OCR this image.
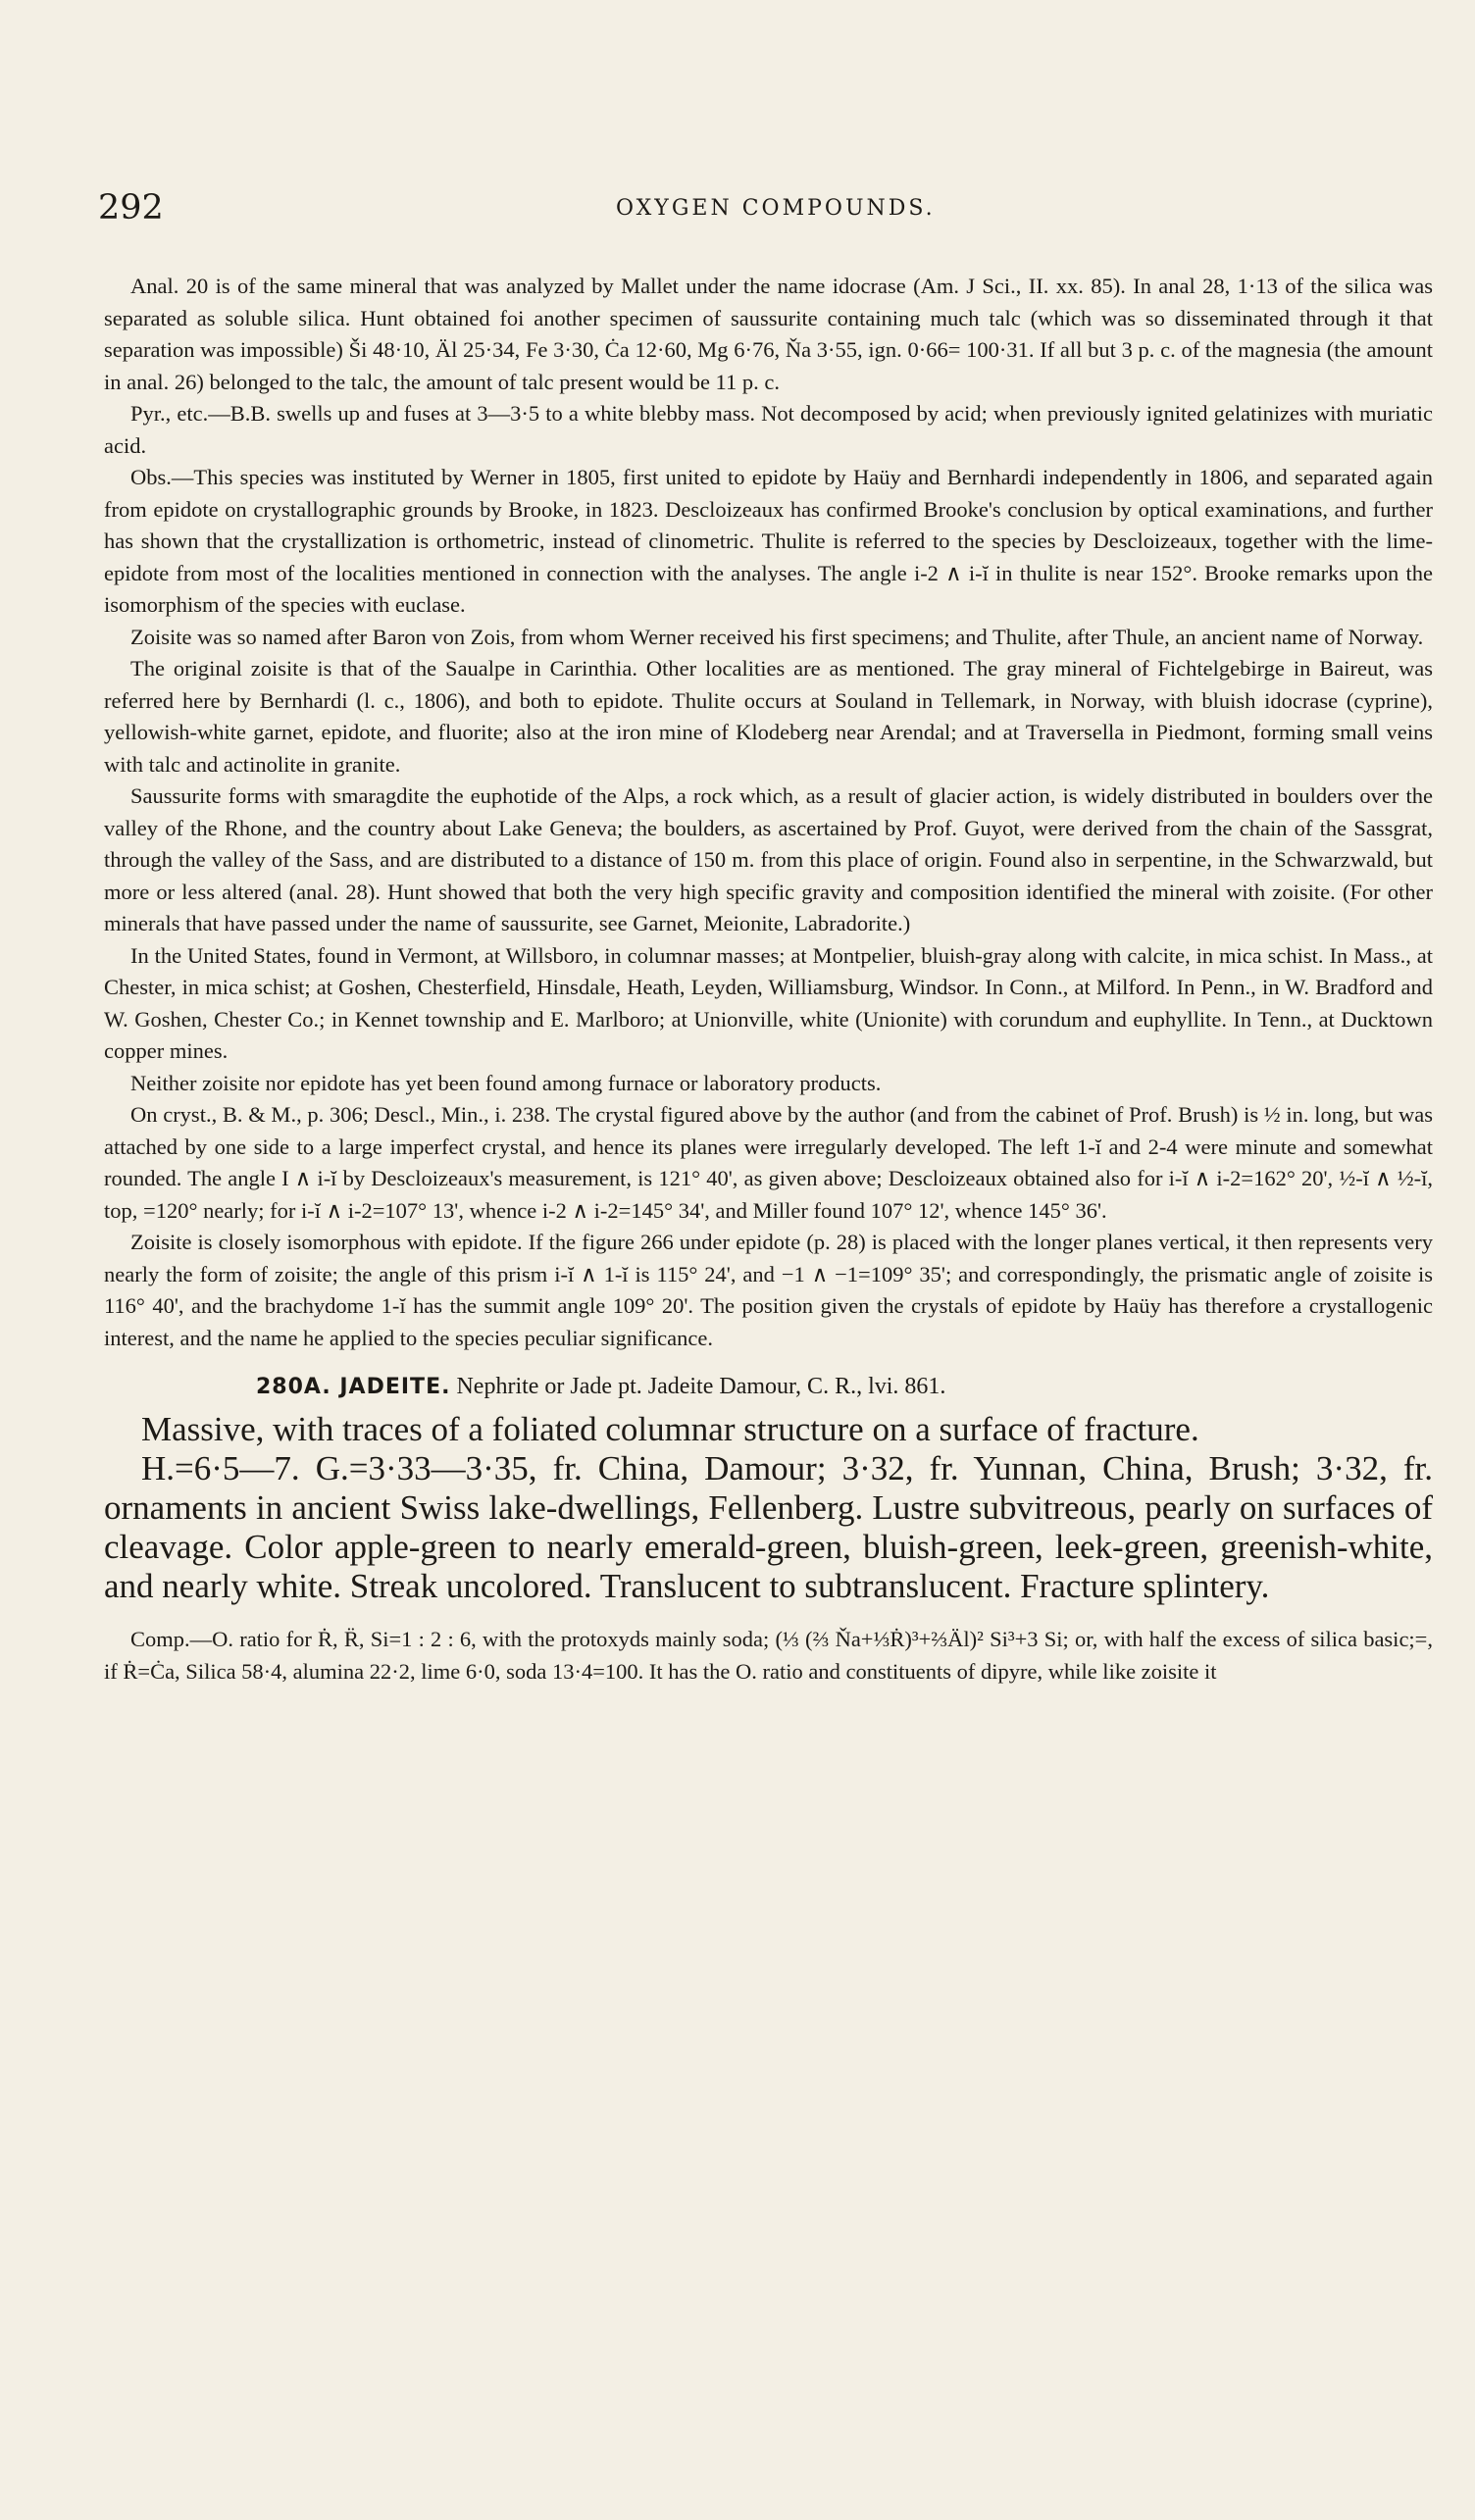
292	OXYGEN COMPOUNDS.

Anal. 20 is of the same mineral that was analyzed by Mallet under the name idocrase (Am. J Sci., II. xx. 85). In anal 28, 1·13 of the silica was separated as soluble silica. Hunt obtained foi another specimen of saussurite containing much talc (which was so disseminated through it that separation was impossible) Ši 48·10, Äl 25·34, Fe 3·30, Ċa 12·60, Mg 6·76, Ňa 3·55, ign. 0·66= 100·31. If all but 3 p. c. of the magnesia (the amount in anal. 26) belonged to the talc, the amount of talc present would be 11 p. c.

Pyr., etc.—B.B. swells up and fuses at 3—3·5 to a white blebby mass. Not decomposed by acid; when previously ignited gelatinizes with muriatic acid.

Obs.—This species was instituted by Werner in 1805, first united to epidote by Haüy and Bernhardi independently in 1806, and separated again from epidote on crystallographic grounds by Brooke, in 1823. Descloizeaux has confirmed Brooke's conclusion by optical examinations, and further has shown that the crystallization is orthometric, instead of clinometric. Thulite is referred to the species by Descloizeaux, together with the lime-epidote from most of the localities mentioned in connection with the analyses. The angle i-2 ∧ i-ĭ in thulite is near 152°. Brooke remarks upon the isomorphism of the species with euclase.

Zoisite was so named after Baron von Zois, from whom Werner received his first specimens; and Thulite, after Thule, an ancient name of Norway.

The original zoisite is that of the Saualpe in Carinthia. Other localities are as mentioned. The gray mineral of Fichtelgebirge in Baireut, was referred here by Bernhardi (l. c., 1806), and both to epidote. Thulite occurs at Souland in Tellemark, in Norway, with bluish idocrase (cyprine), yellowish-white garnet, epidote, and fluorite; also at the iron mine of Klodeberg near Arendal; and at Traversella in Piedmont, forming small veins with talc and actinolite in granite.

Saussurite forms with smaragdite the euphotide of the Alps, a rock which, as a result of glacier action, is widely distributed in boulders over the valley of the Rhone, and the country about Lake Geneva; the boulders, as ascertained by Prof. Guyot, were derived from the chain of the Sassgrat, through the valley of the Sass, and are distributed to a distance of 150 m. from this place of origin. Found also in serpentine, in the Schwarzwald, but more or less altered (anal. 28). Hunt showed that both the very high specific gravity and composition identified the mineral with zoisite. (For other minerals that have passed under the name of saussurite, see Garnet, Meionite, Labradorite.)

In the United States, found in Vermont, at Willsboro, in columnar masses; at Montpelier, bluish-gray along with calcite, in mica schist. In Mass., at Chester, in mica schist; at Goshen, Chesterfield, Hinsdale, Heath, Leyden, Williamsburg, Windsor. In Conn., at Milford. In Penn., in W. Bradford and W. Goshen, Chester Co.; in Kennet township and E. Marlboro; at Unionville, white (Unionite) with corundum and euphyllite. In Tenn., at Ducktown copper mines.

Neither zoisite nor epidote has yet been found among furnace or laboratory products.

On cryst., B. & M., p. 306; Descl., Min., i. 238. The crystal figured above by the author (and from the cabinet of Prof. Brush) is ½ in. long, but was attached by one side to a large imperfect crystal, and hence its planes were irregularly developed. The left 1-ĭ and 2-4 were minute and somewhat rounded. The angle I ∧ i-ĭ by Descloizeaux's measurement, is 121° 40', as given above; Descloizeaux obtained also for i-ĭ ∧ i-2=162° 20', ½-ĭ ∧ ½-ĭ, top, =120° nearly; for i-ĭ ∧ i-2=107° 13', whence i-2 ∧ i-2=145° 34', and Miller found 107° 12', whence 145° 36'.

Zoisite is closely isomorphous with epidote. If the figure 266 under epidote (p. 28) is placed with the longer planes vertical, it then represents very nearly the form of zoisite; the angle of this prism i-ĭ ∧ 1-ĭ is 115° 24', and −1 ∧ −1=109° 35'; and correspondingly, the prismatic angle of zoisite is 116° 40', and the brachydome 1-ĭ has the summit angle 109° 20'. The position given the crystals of epidote by Haüy has therefore a crystallogenic interest, and the name he applied to the species peculiar significance.

280A. JADEITE. Nephrite or Jade pt. Jadeite Damour, C. R., lvi. 861.

Massive, with traces of a foliated columnar structure on a surface of fracture.

H.=6·5—7. G.=3·33—3·35, fr. China, Damour; 3·32, fr. Yunnan, China, Brush; 3·32, fr. ornaments in ancient Swiss lake-dwellings, Fellenberg. Lustre subvitreous, pearly on surfaces of cleavage. Color apple-green to nearly emerald-green, bluish-green, leek-green, greenish-white, and nearly white. Streak uncolored. Translucent to subtranslucent. Fracture splintery.

Comp.—O. ratio for Ṙ, R̈, Si=1 : 2 : 6, with the protoxyds mainly soda; (⅓ (⅔ Ňa+⅓Ṙ)³+⅔Äl)² Si³+3 Si; or, with half the excess of silica basic;=, if Ṙ=Ċa, Silica 58·4, alumina 22·2, lime 6·0, soda 13·4=100. It has the O. ratio and constituents of dipyre, while like zoisite it
